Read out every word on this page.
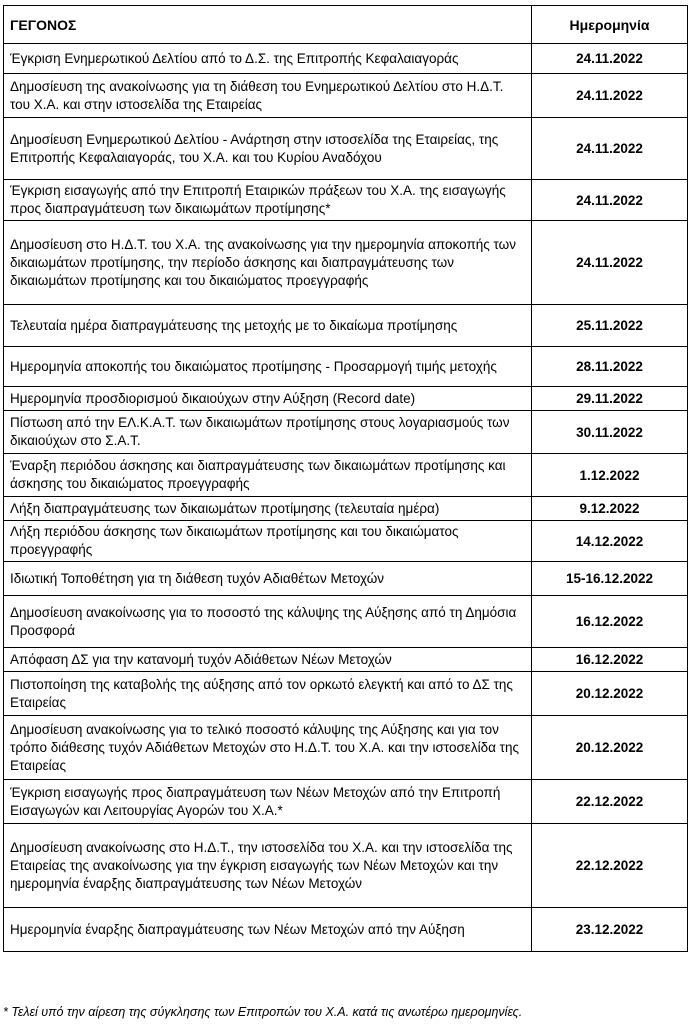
ΓΕΓΟΝΟΣ	Ημερομηνία
Έγκριση Ενημερωτικού Δελτίου από το Δ.Σ. της Επιτροπής Κεφαλαιαγοράς	24.11.2022
Δημοσίευση της ανακοίνωσης για τη διάθεση του Ενημερωτικού Δελτίου στο Η.Δ.Τ. του Χ.Α. και στην ιστοσελίδα της Εταιρείας	24.11.2022
Δημοσίευση Ενημερωτικού Δελτίου - Ανάρτηση στην ιστοσελίδα της Εταιρείας, της Επιτροπής Κεφαλαιαγοράς, του Χ.Α. και του Κυρίου Αναδόχου	24.11.2022
Έγκριση εισαγωγής από την Επιτροπή Εταιρικών πράξεων του Χ.Α. της εισαγωγής προς διαπραγμάτευση των δικαιωμάτων προτίμησης*	24.11.2022
Δημοσίευση στο Η.Δ.Τ. του Χ.Α. της ανακοίνωσης για την ημερομηνία αποκοπής των δικαιωμάτων προτίμησης, την περίοδο άσκησης και διαπραγμάτευσης των δικαιωμάτων προτίμησης και του δικαιώματος προεγγραφής	24.11.2022
Τελευταία ημέρα διαπραγμάτευσης της μετοχής με το δικαίωμα προτίμησης	25.11.2022
Ημερομηνία αποκοπής του δικαιώματος προτίμησης - Προσαρμογή τιμής μετοχής	28.11.2022
Ημερομηνία προσδιορισμού δικαιούχων στην Αύξηση (Record date)	29.11.2022
Πίστωση από την ΕΛ.Κ.Α.Τ. των δικαιωμάτων προτίμησης στους λογαριασμούς των δικαιούχων στο Σ.Α.Τ.	30.11.2022
Έναρξη περιόδου άσκησης και διαπραγμάτευσης των δικαιωμάτων προτίμησης και άσκησης του δικαιώματος προεγγραφής	1.12.2022
Λήξη διαπραγμάτευσης των δικαιωμάτων προτίμησης (τελευταία ημέρα)	9.12.2022
Λήξη περιόδου άσκησης των δικαιωμάτων προτίμησης και του δικαιώματος προεγγραφής	14.12.2022
Ιδιωτική Τοποθέτηση για τη διάθεση τυχόν Αδιαθέτων Μετοχών	15-16.12.2022
Δημοσίευση ανακοίνωσης για το ποσοστό της κάλυψης της Αύξησης από τη Δημόσια Προσφορά	16.12.2022
Απόφαση ΔΣ για την κατανομή τυχόν Αδιάθετων Νέων Μετοχών	16.12.2022
Πιστοποίηση της καταβολής της αύξησης από τον ορκωτό ελεγκτή και από το ΔΣ της Εταιρείας	20.12.2022
Δημοσίευση ανακοίνωσης για το τελικό ποσοστό κάλυψης της Αύξησης και για τον τρόπο διάθεσης τυχόν Αδιάθετων Μετοχών στο Η.Δ.Τ. του Χ.Α. και την ιστοσελίδα της Εταιρείας	20.12.2022
Έγκριση εισαγωγής προς διαπραγμάτευση των Νέων Μετοχών από την Επιτροπή Εισαγωγών και Λειτουργίας Αγορών του Χ.Α.*	22.12.2022
Δημοσίευση ανακοίνωσης στο Η.Δ.Τ., την ιστοσελίδα του Χ.Α. και την ιστοσελίδα της Εταιρείας της ανακοίνωσης για την έγκριση εισαγωγής των Νέων Μετοχών και την ημερομηνία έναρξης διαπραγμάτευσης των Νέων Μετοχών	22.12.2022
Ημερομηνία έναρξης διαπραγμάτευσης των Νέων Μετοχών από την Αύξηση	23.12.2022
* Τελεί υπό την αίρεση της σύγκλησης των Επιτροπών του Χ.Α. κατά τις ανωτέρω ημερομηνίες.
